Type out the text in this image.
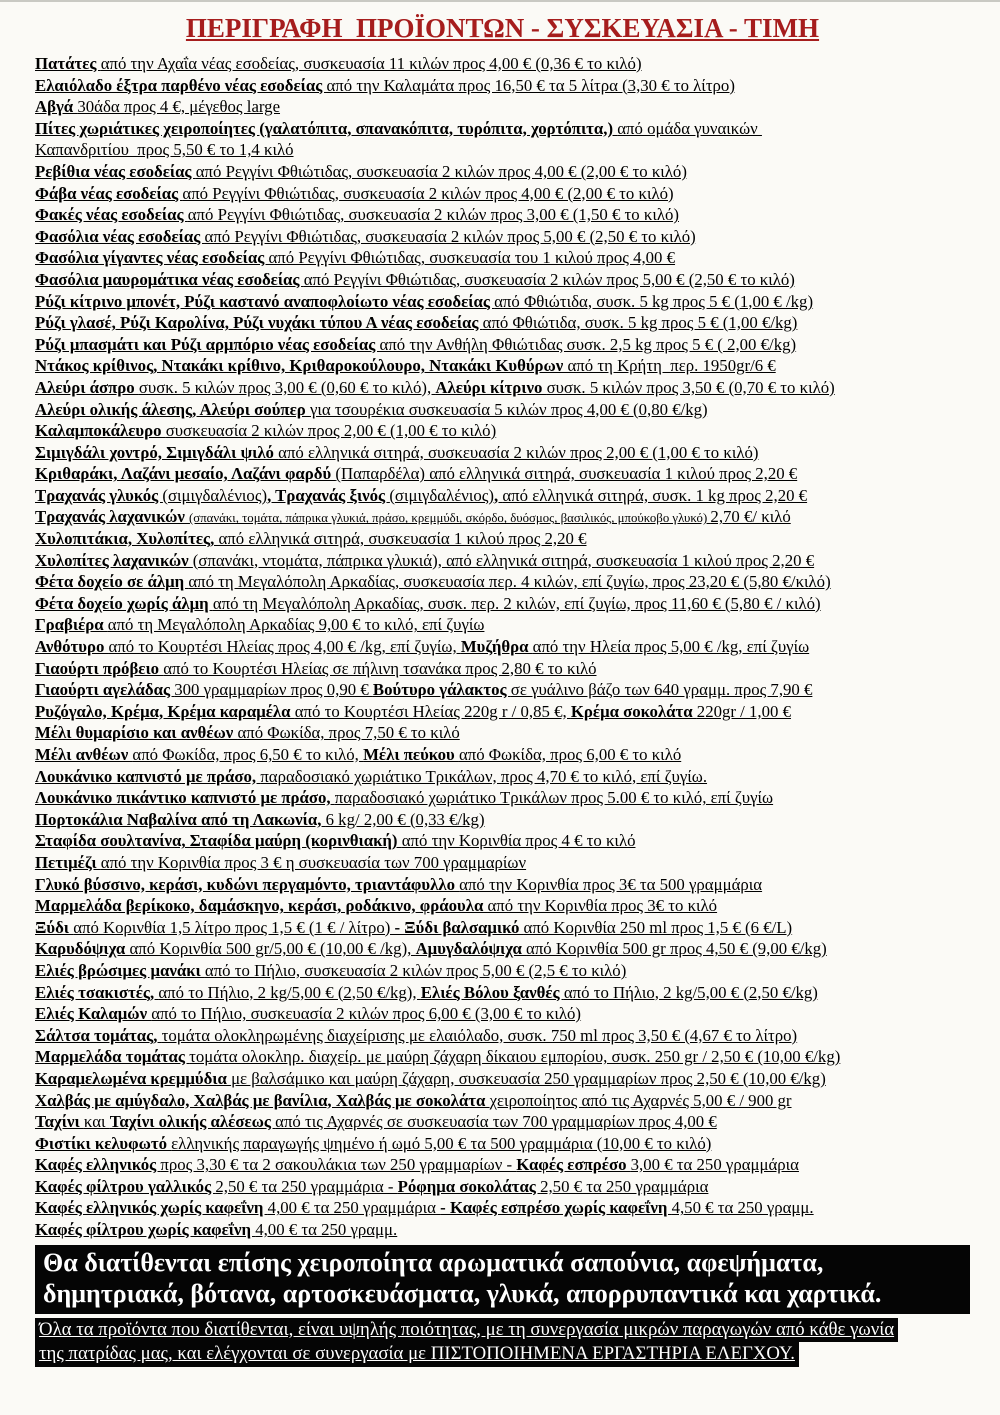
ΠΕΡΙΓΡΑΦΗ  ΠΡΟΪΟΝΤΩΝ - ΣΥΣΚΕΥΑΣΙΑ - ΤΙΜΗ
Πατάτες από την Αχαΐα νέας εσοδείας, συσκευασία 11 κιλών προς 4,00 € (0,36 € το κιλό)
Ελαιόλαδο έξτρα παρθένο νέας εσοδείας από την Καλαμάτα προς 16,50 € τα 5 λίτρα (3,30 € το λίτρο)
Αβγά 30άδα προς 4 €, μέγεθος large
Πίτες χωριάτικες χειροποίητες (γαλατόπιτα, σπανακόπιτα, τυρόπιτα, χορτόπιτα,) από ομάδα γυναικών
Καπανδριτίου  προς 5,50 € το 1,4 κιλό
Ρεβίθια νέας εσοδείας από Ρεγγίνι Φθιώτιδας, συσκευασία 2 κιλών προς 4,00 € (2,00 € το κιλό)
Φάβα νέας εσοδείας από Ρεγγίνι Φθιώτιδας, συσκευασία 2 κιλών προς 4,00 € (2,00 € το κιλό)
Φακές νέας εσοδείας από Ρεγγίνι Φθιώτιδας, συσκευασία 2 κιλών προς 3,00 € (1,50 € το κιλό)
Φασόλια νέας εσοδείας από Ρεγγίνι Φθιώτιδας, συσκευασία 2 κιλών προς 5,00 € (2,50 € το κιλό)
Φασόλια γίγαντες νέας εσοδείας από Ρεγγίνι Φθιώτιδας, συσκευασία του 1 κιλού προς 4,00 €
Φασόλια μαυρομάτικα νέας εσοδείας από Ρεγγίνι Φθιώτιδας, συσκευασία 2 κιλών προς 5,00 € (2,50 € το κιλό)
Ρύζι κίτρινο μπονέτ, Ρύζι καστανό αναποφλοίωτο νέας εσοδείας από Φθιώτιδα, συσκ. 5 kg προς 5 € (1,00 € /kg)
Ρύζι γλασέ, Ρύζι Καρολίνα, Ρύζι νυχάκι τύπου Α νέας εσοδείας από Φθιώτιδα, συσκ. 5 kg προς 5 € (1,00 €/kg)
Ρύζι μπασμάτι και Ρύζι αρμπόριο νέας εσοδείας από την Ανθήλη Φθιώτιδας συσκ. 2,5 kg προς 5 € ( 2,00 €/kg)
Ντάκος κρίθινος, Ντακάκι κρίθινο, Κριθαροκούλουρο, Ντακάκι Κυθύρων από τη Κρήτη  περ. 1950gr/6 €
Αλεύρι άσπρο συσκ. 5 κιλών προς 3,00 € (0,60 € το κιλό), Αλεύρι κίτρινο συσκ. 5 κιλών προς 3,50 € (0,70 € το κιλό)
Αλεύρι ολικής άλεσης, Αλεύρι σούπερ για τσουρέκια συσκευασία 5 κιλών προς 4,00 € (0,80 €/kg)
Καλαμποκάλευρο συσκευασία 2 κιλών προς 2,00 € (1,00 € το κιλό)
Σιμιγδάλι χοντρό, Σιμιγδάλι ψιλό από ελληνικά σιτηρά, συσκευασία 2 κιλών προς 2,00 € (1,00 € το κιλό)
Κριθαράκι, Λαζάνι μεσαίο, Λαζάνι φαρδύ (Παπαρδέλα) από ελληνικά σιτηρά, συσκευασία 1 κιλού προς 2,20 €
Τραχανάς γλυκός (σιμιγδαλένιος), Τραχανάς ξινός (σιμιγδαλένιος), από ελληνικά σιτηρά, συσκ. 1 kg προς 2,20 €
Τραχανάς λαχανικών (σπανάκι, τομάτα, πάπρικα γλυκιά, πράσο, κρεμμύδι, σκόρδο, δυόσμος, βασιλικός, μπούκοβο γλυκό) 2,70 €/ κιλό
Χυλοπιτάκια, Χυλοπίτες, από ελληνικά σιτηρά, συσκευασία 1 κιλού προς 2,20 €
Χυλοπίτες λαχανικών (σπανάκι, ντομάτα, πάπρικα γλυκιά), από ελληνικά σιτηρά, συσκευασία 1 κιλού προς 2,20 €
Φέτα δοχείο σε άλμη από τη Μεγαλόπολη Αρκαδίας, συσκευασία περ. 4 κιλών, επί ζυγίω, προς 23,20 € (5,80 €/κιλό)
Φέτα δοχείο χωρίς άλμη από τη Μεγαλόπολη Αρκαδίας, συσκ. περ. 2 κιλών, επί ζυγίω, προς 11,60 € (5,80 € / κιλό)
Γραβιέρα από τη Μεγαλόπολη Αρκαδίας 9,00 € το κιλό, επί ζυγίω
Ανθότυρο από το Κουρτέσι Ηλείας προς 4,00 € /kg, επί ζυγίω, Μυζήθρα από την Ηλεία προς 5,00 € /kg, επί ζυγίω
Γιαούρτι πρόβειο από το Κουρτέσι Ηλείας σε πήλινη τσανάκα προς 2,80 € το κιλό
Γιαούρτι αγελάδας 300 γραμμαρίων προς 0,90 € Βούτυρο γάλακτος σε γυάλινο βάζο των 640 γραμμ. προς 7,90 €
Ρυζόγαλο, Κρέμα, Κρέμα καραμέλα από το Κουρτέσι Ηλείας 220g r / 0,85 €, Κρέμα σοκολάτα 220gr / 1,00 €
Μέλι θυμαρίσιο και ανθέων από Φωκίδα, προς 7,50 € το κιλό
Μέλι ανθέων από Φωκίδα, προς 6,50 € το κιλό, Μέλι πεύκου από Φωκίδα, προς 6,00 € το κιλό
Λουκάνικο καπνιστό με πράσο, παραδοσιακό χωριάτικο Τρικάλων, προς 4,70 € το κιλό, επί ζυγίω.
Λουκάνικο πικάντικο καπνιστό με πράσο, παραδοσιακό χωριάτικο Τρικάλων προς 5.00 € το κιλό, επί ζυγίω
Πορτοκάλια Ναβαλίνα από τη Λακωνία, 6 kg/ 2,00 € (0,33 €/kg)
Σταφίδα σουλτανίνα, Σταφίδα μαύρη (κορινθιακή) από την Κορινθία προς 4 € το κιλό
Πετιμέζι από την Κορινθία προς 3 € η συσκευασία των 700 γραμμαρίων
Γλυκό βύσσινο, κεράσι, κυδώνι περγαμόντο, τριαντάφυλλο από την Κορινθία προς 3€ τα 500 γραμμάρια
Μαρμελάδα βερίκοκο, δαμάσκηνο, κεράσι, ροδάκινο, φράουλα από την Κορινθία προς 3€ το κιλό
Ξύδι από Κορινθία 1,5 λίτρο προς 1,5 € (1 € / λίτρο) - Ξύδι βαλσαμικό από Κορινθία 250 ml προς 1,5 € (6 €/L)
Καρυδόψιχα από Κορινθία 500 gr/5,00 € (10,00 € /kg), Αμυγδαλόψιχα από Κορινθία 500 gr προς 4,50 € (9,00 €/kg)
Ελιές βρώσιμες μανάκι από το Πήλιο, συσκευασία 2 κιλών προς 5,00 € (2,5 € το κιλό)
Ελιές τσακιστές, από το Πήλιο, 2 kg/5,00 € (2,50 €/kg), Ελιές Βόλου ξανθές από το Πήλιο, 2 kg/5,00 € (2,50 €/kg)
Ελιές Καλαμών από το Πήλιο, συσκευασία 2 κιλών προς 6,00 € (3,00 € το κιλό)
Σάλτσα τομάτας, τομάτα ολοκληρωμένης διαχείρισης με ελαιόλαδο, συσκ. 750 ml προς 3,50 € (4,67 € το λίτρο)
Μαρμελάδα τομάτας τομάτα ολοκληρ. διαχείρ. με μαύρη ζάχαρη δίκαιου εμπορίου, συσκ. 250 gr / 2,50 € (10,00 €/kg)
Καραμελωμένα κρεμμύδια με βαλσάμικο και μαύρη ζάχαρη, συσκευασία 250 γραμμαρίων προς 2,50 € (10,00 €/kg)
Χαλβάς με αμύγδαλο, Χαλβάς με βανίλια, Χαλβάς με σοκολάτα χειροποίητος από τις Αχαρνές 5,00 € / 900 gr
Ταχίνι και Ταχίνι ολικής αλέσεως από τις Αχαρνές σε συσκευασία των 700 γραμμαρίων προς 4,00 €
Φιστίκι κελυφωτό ελληνικής παραγωγής ψημένο ή ωμό 5,00 € τα 500 γραμμάρια (10,00 € το κιλό)
Καφές ελληνικός προς 3,30 € τα 2 σακουλάκια των 250 γραμμαρίων - Καφές εσπρέσο 3,00 € τα 250 γραμμάρια
Καφές φίλτρου γαλλικός 2,50 € τα 250 γραμμάρια - Ρόφημα σοκολάτας 2,50 € τα 250 γραμμάρια
Καφές ελληνικός χωρίς καφεΐνη 4,00 € τα 250 γραμμάρια - Καφές εσπρέσο χωρίς καφεΐνη 4,50 € τα 250 γραμμ.
Καφές φίλτρου χωρίς καφεΐνη 4,00 € τα 250 γραμμ.
Θα διατίθενται επίσης χειροποίητα αρωματικά σαπούνια, αφεψήματα,
δημητριακά, βότανα, αρτοσκευάσματα, γλυκά, απορρυπαντικά και χαρτικά.
Όλα τα προϊόντα που διατίθενται, είναι υψηλής ποιότητας, με τη συνεργασία μικρών παραγωγών από κάθε γωνία
της πατρίδας μας, και ελέγχονται σε συνεργασία με ΠΙΣΤΟΠΟΙΗΜΕΝΑ ΕΡΓΑΣΤΗΡΙΑ ΕΛΕΓΧΟΥ.
